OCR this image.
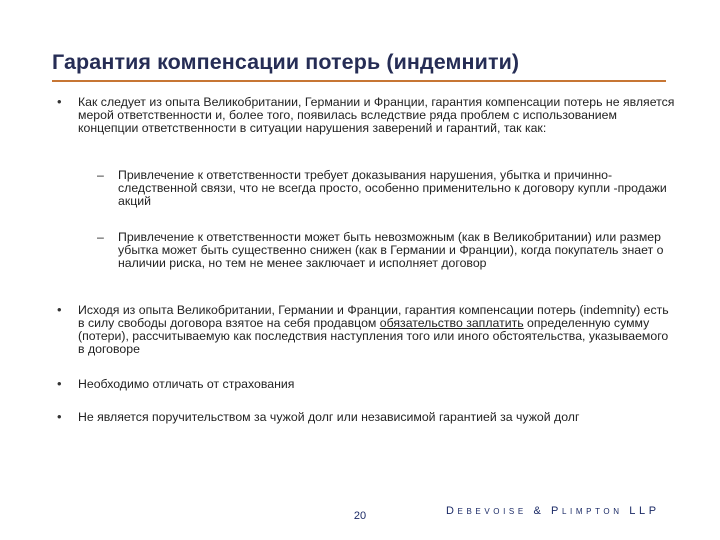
Гарантия компенсации потерь (индемнити)
•	Как следует из опыта Великобритании, Германии и Франции, гарантия компенсации потерь не является мерой ответственности и, более того, появилась вследствие ряда проблем с использованием концепции ответственности в ситуации нарушения заверений и гарантий, так как:
–	Привлечение к ответственности требует доказывания нарушения, убытка и причинно-следственной связи, что не всегда просто, особенно применительно к договору купли -продажи акций
–	Привлечение к ответственности может быть невозможным (как в Великобритании) или размер убытка может быть существенно снижен (как в Германии и Франции), когда покупатель знает о наличии риска, но тем не менее заключает и исполняет договор
•	Исходя из опыта Великобритании, Германии и Франции, гарантия компенсации потерь (indemnity) есть в силу свободы договора взятое на себя продавцом обязательство заплатить определенную сумму (потери), рассчитываемую как последствия наступления того или иного обстоятельства, указываемого в договоре
•	Необходимо отличать от страхования
•	Не является поручительством за чужой долг или независимой гарантией за чужой долг
20	Debevoise & Plimpton LLP
